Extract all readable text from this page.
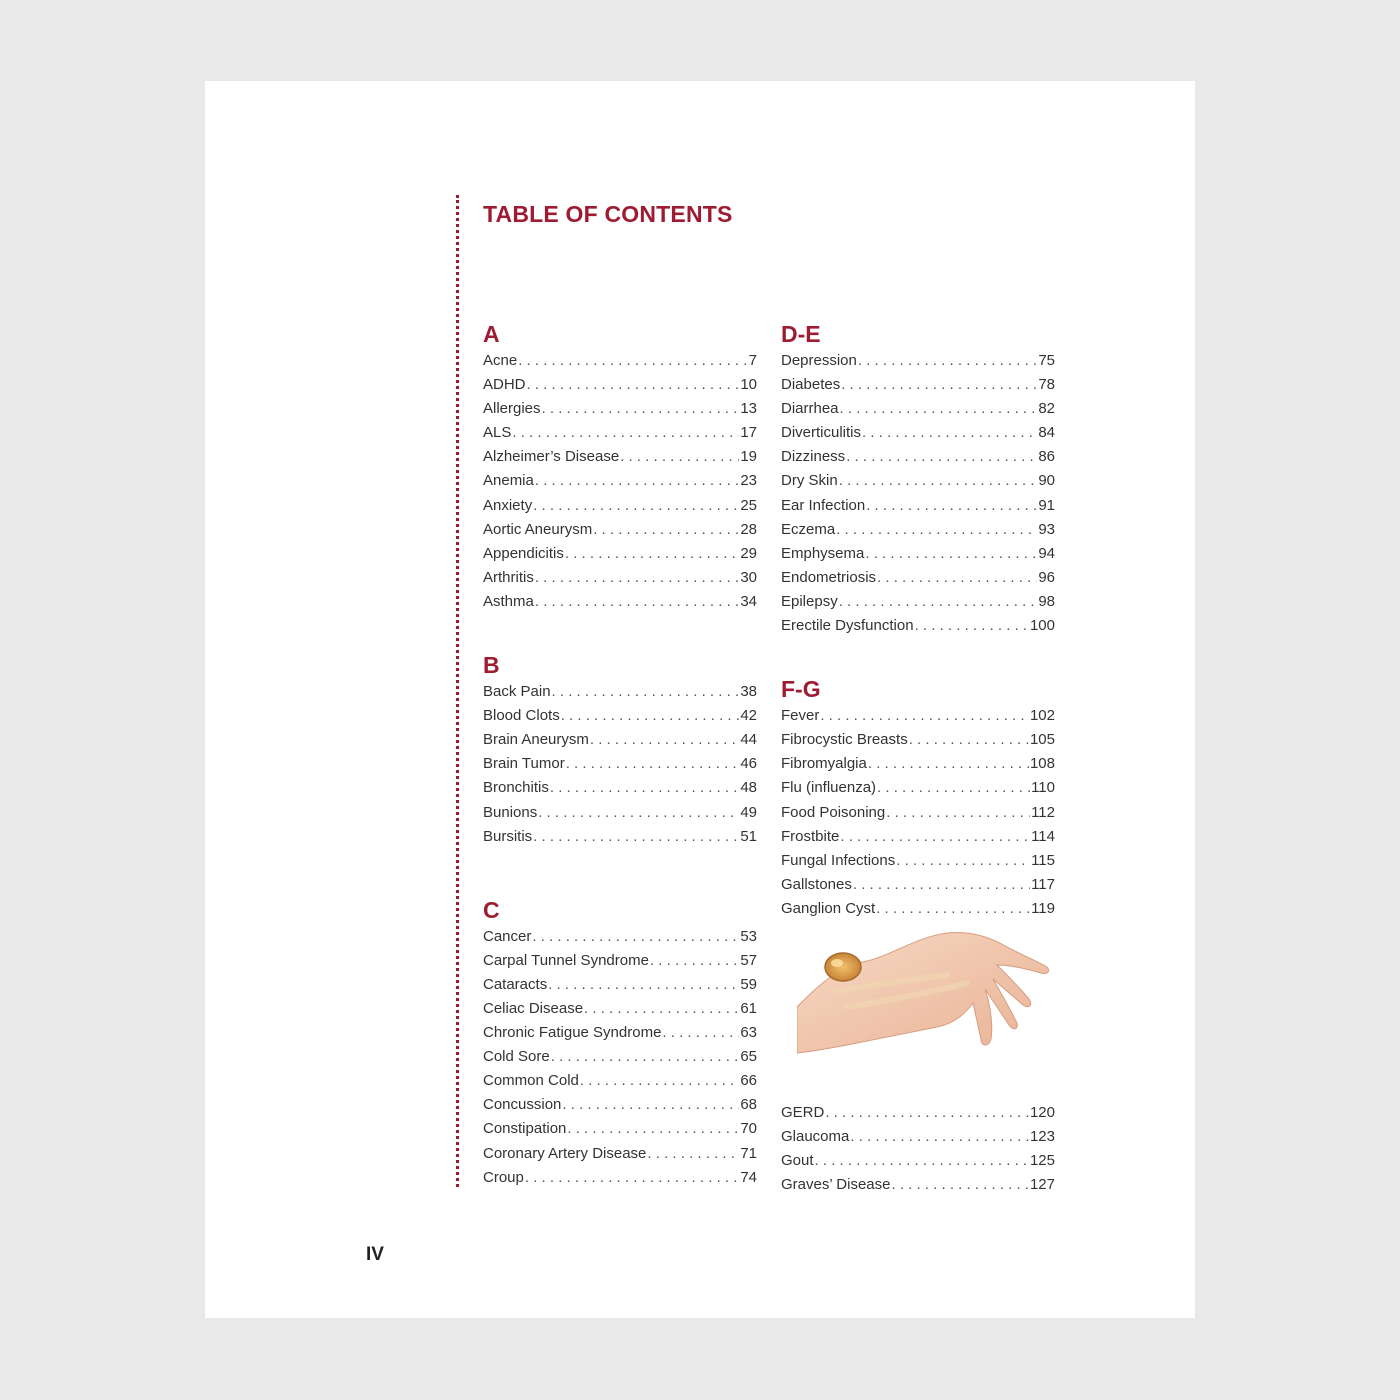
TABLE OF CONTENTS
A
Acne . . .	7
ADHD . . .	10
Allergies . . .	13
ALS . . .	17
Alzheimer’s Disease . . .	19
Anemia . . .	23
Anxiety . . .	25
Aortic Aneurysm . . .	28
Appendicitis . . .	29
Arthritis . . .	30
Asthma . . .	34
B
Back Pain . . .	38
Blood Clots . . .	42
Brain Aneurysm . . .	44
Brain Tumor . . .	46
Bronchitis . . .	48
Bunions . . .	49
Bursitis . . .	51
C
Cancer . . .	53
Carpal Tunnel Syndrome . . .	57
Cataracts . . .	59
Celiac Disease . . .	61
Chronic Fatigue Syndrome . . .	63
Cold Sore . . .	65
Common Cold . . .	66
Concussion . . .	68
Constipation . . .	70
Coronary Artery Disease . . .	71
Croup . . .	74
D-E
Depression . . .	75
Diabetes . . .	78
Diarrhea . . .	82
Diverticulitis . . .	84
Dizziness . . .	86
Dry Skin . . .	90
Ear Infection . . .	91
Eczema . . .	93
Emphysema . . .	94
Endometriosis . . .	96
Epilepsy . . .	98
Erectile Dysfunction . . .	100
F-G
Fever . . .	102
Fibrocystic Breasts . . .	105
Fibromyalgia . . .	108
Flu (influenza) . . .	110
Food Poisoning . . .	112
Frostbite . . .	114
Fungal Infections . . .	115
Gallstones . . .	117
Ganglion Cyst . . .	119
GERD . . .	120
Glaucoma . . .	123
Gout . . .	125
Graves’ Disease . . .	127
IV
